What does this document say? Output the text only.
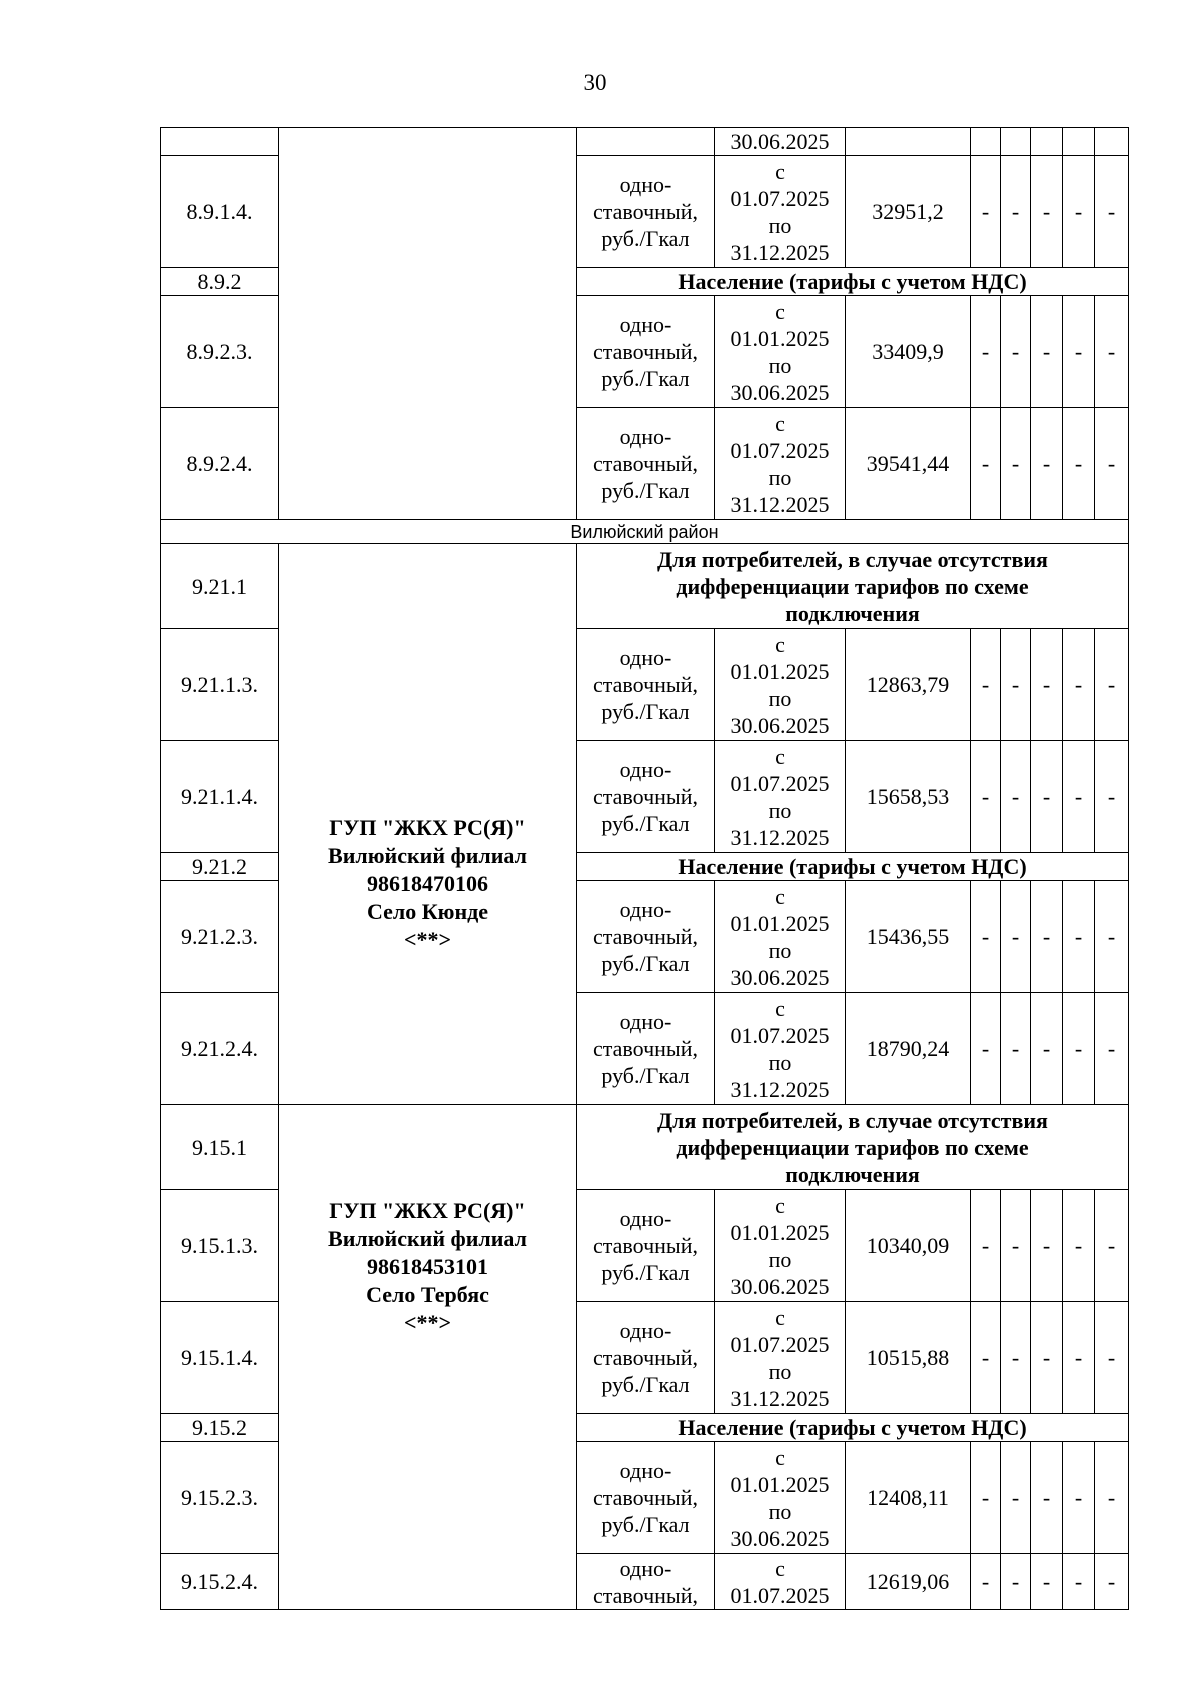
30
			30.06.2025						
8.9.1.4.		одно-
ставочный,
руб./Гкал	с
01.07.2025
по
31.12.2025	32951,2	-	-	-	-	-
8.9.2		Население (тарифы с учетом НДС)							
8.9.2.3.		одно-
ставочный,
руб./Гкал	с
01.01.2025
по
30.06.2025	33409,9	-	-	-	-	-
8.9.2.4.		одно-
ставочный,
руб./Гкал	с
01.07.2025
по
31.12.2025	39541,44	-	-	-	-	-
Вилюйский район									
9.21.1	ГУП "ЖКХ РС(Я)"
Вилюйский филиал
98618470106
Село Кюнде
<**>	Для потребителей, в случае отсутствия
дифференциации тарифов по схеме
подключения							
9.21.1.3.		одно-
ставочный,
руб./Гкал	с
01.01.2025
по
30.06.2025	12863,79	-	-	-	-	-
9.21.1.4.		одно-
ставочный,
руб./Гкал	с
01.07.2025
по
31.12.2025	15658,53	-	-	-	-	-
9.21.2		Население (тарифы с учетом НДС)							
9.21.2.3.		одно-
ставочный,
руб./Гкал	с
01.01.2025
по
30.06.2025	15436,55	-	-	-	-	-
9.21.2.4.		одно-
ставочный,
руб./Гкал	с
01.07.2025
по
31.12.2025	18790,24	-	-	-	-	-
9.15.1	ГУП "ЖКХ РС(Я)"
Вилюйский филиал
98618453101
Село Тербяс
<**>	Для потребителей, в случае отсутствия
дифференциации тарифов по схеме
подключения							
9.15.1.3.		одно-
ставочный,
руб./Гкал	с
01.01.2025
по
30.06.2025	10340,09	-	-	-	-	-
9.15.1.4.		одно-
ставочный,
руб./Гкал	с
01.07.2025
по
31.12.2025	10515,88	-	-	-	-	-
9.15.2		Население (тарифы с учетом НДС)							
9.15.2.3.		одно-
ставочный,
руб./Гкал	с
01.01.2025
по
30.06.2025	12408,11	-	-	-	-	-
9.15.2.4.		одно-
ставочный,	с
01.07.2025	12619,06	-	-	-	-	-
